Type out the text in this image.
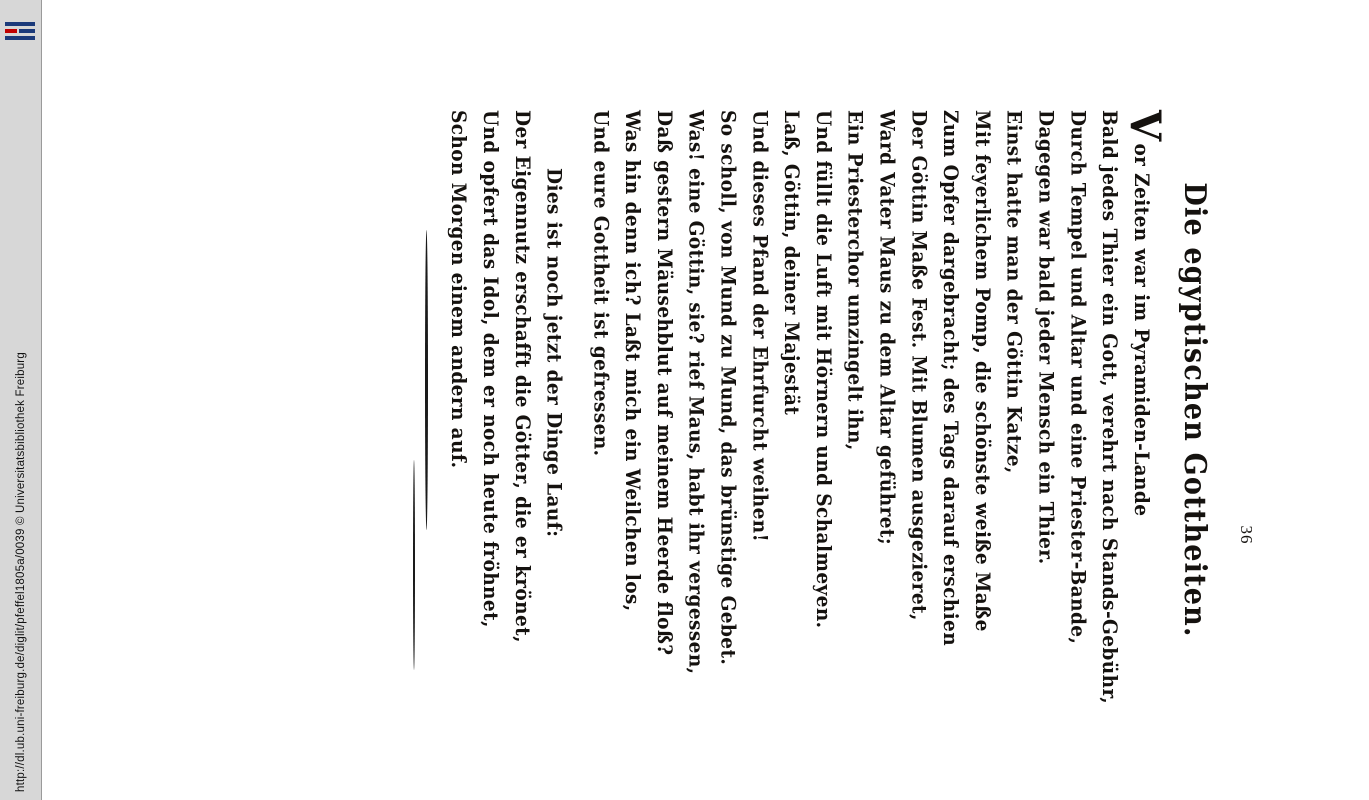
http://dl.ub.uni-freiburg.de/diglit/pfeffel1805a/0039 © Universitatsbibliothek Freiburg	36
Die egyptischen Gottheiten.
Vor Zeiten war im Pyramiden-Lande
Bald jedes Thier ein Gott, verehrt nach Stands-Gebühr,
Durch Tempel und Altar und eine Priester-Bande,
Dagegen war bald jeder Mensch ein Thier.
Einst hatte man der Göttin Katze,
Mit feyerlichem Pomp, die schönste weiße Maße
Zum Opfer dargebracht; des Tags darauf erschien
Der Göttin Maße Fest. Mit Blumen ausgezieret,
Ward Vater Maus zu dem Altar geführet;
Ein Priesterchor umzingelt ihn,
Und füllt die Luft mit Hörnern und Schalmeyen.
Laß, Göttin, deiner Majestät
Und dieses Pfand der Ehrfurcht weihen!
So scholl, von Mund zu Mund, das brünstige Gebet.
Was! eine Göttin, sie? rief Maus, habt ihr vergessen,
Daß gestern Mäusehblut auf meinem Heerde floß?
Was hin denn ich? Laßt mich ein Weilchen los,
Und eure Gottheit ist gefressen.
Dies ist noch jetzt der Dinge Lauf:
Der Eigennutz erschafft die Götter, die er krönet,
Und opfert das Idol, dem er noch heute fröhnet,
Schon Morgen einem andern auf.
